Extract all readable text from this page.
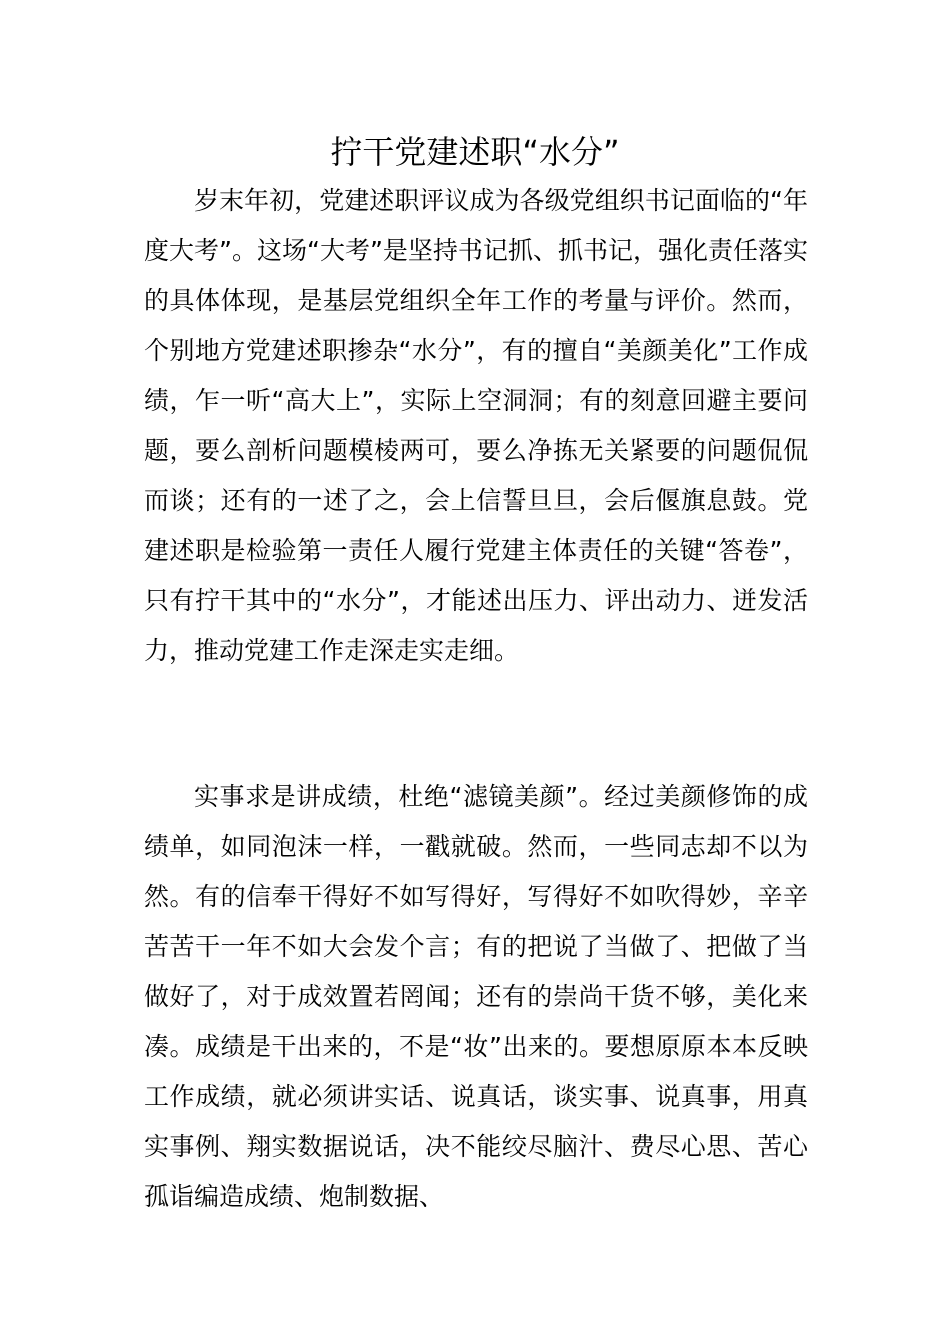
拧干党建述职“水分”

岁末年初，党建述职评议成为各级党组织书记面临的“年度大考”。这场“大考”是坚持书记抓、抓书记，强化责任落实的具体体现，是基层党组织全年工作的考量与评价。然而，个别地方党建述职掺杂“水分”，有的擅自“美颜美化”工作成绩，乍一听“高大上”，实际上空洞洞；有的刻意回避主要问题，要么剖析问题模棱两可，要么净拣无关紧要的问题侃侃而谈；还有的一述了之，会上信誓旦旦，会后偃旗息鼓。党建述职是检验第一责任人履行党建主体责任的关键“答卷”，只有拧干其中的“水分”，才能述出压力、评出动力、迸发活力，推动党建工作走深走实走细。

实事求是讲成绩，杜绝“滤镜美颜”。经过美颜修饰的成绩单，如同泡沫一样，一戳就破。然而，一些同志却不以为然。有的信奉干得好不如写得好，写得好不如吹得妙，辛辛苦苦干一年不如大会发个言；有的把说了当做了、把做了当做好了，对于成效置若罔闻；还有的崇尚干货不够，美化来凑。成绩是干出来的，不是“妆”出来的。要想原原本本反映工作成绩，就必须讲实话、说真话，谈实事、说真事，用真实事例、翔实数据说话，决不能绞尽脑汁、费尽心思、苦心孤诣编造成绩、炮制数据、
